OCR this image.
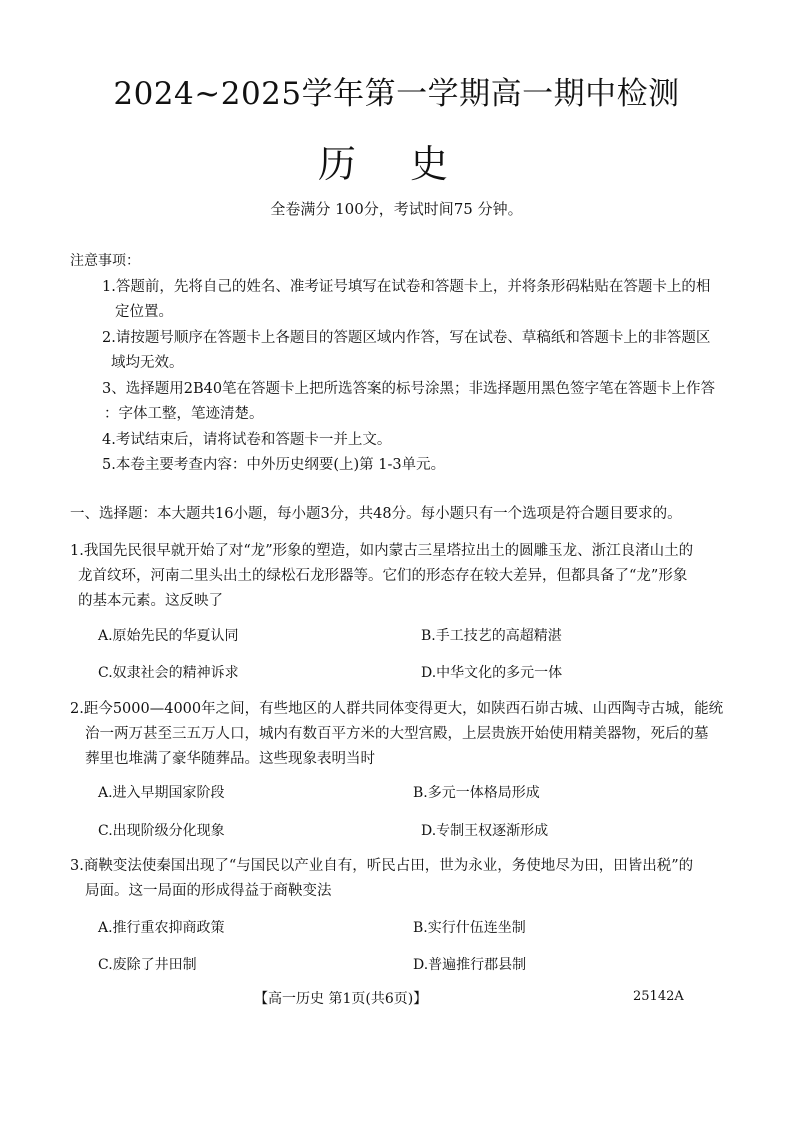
2024~2025学年第一学期高一期中检测
历史
全卷满分 100分，考试时间75 分钟。
注意事项：
1.答题前，先将自己的姓名、准考证号填写在试卷和答题卡上，并将条形码粘贴在答题卡上的相
定位置。
2.请按题号顺序在答题卡上各题目的答题区域内作答，写在试卷、草稿纸和答题卡上的非答题区
域均无效。
3、选择题用2B40笔在答题卡上把所选答案的标号涂黑；非选择题用黑色签字笔在答题卡上作答
：字体工整，笔迹清楚。
4.考试结束后，请将试卷和答题卡一并上文。
5.本卷主要考查内容：中外历史纲要(上)第 1-3单元。
一、选择题：本大题共16小题，每小题3分，共48分。每小题只有一个选项是符合题目要求的。
1.我国先民很早就开始了对“龙”形象的塑造，如内蒙古三星塔拉出土的圆雕玉龙、浙江良渚山土的
龙首纹环，河南二里头出土的绿松石龙形器等。它们的形态存在较大差异，但都具备了“龙”形象
的基本元素。这反映了
A.原始先民的华夏认同	B.手工技艺的高超精湛
C.奴隶社会的精神诉求	D.中华文化的多元一体
2.距今5000—4000年之间，有些地区的人群共同体变得更大，如陕西石峁古城、山西陶寺古城，能统
治一两万甚至三五万人口，城内有数百平方米的大型宫殿，上层贵族开始使用精美器物，死后的墓
葬里也堆满了豪华随葬品。这些现象表明当时
A.进入早期国家阶段	B.多元一体格局形成
C.出现阶级分化现象	D.专制王权逐渐形成
3.商鞅变法使秦国出现了“与国民以产业自有，听民占田，世为永业，务使地尽为田，田皆出税”的
局面。这一局面的形成得益于商鞅变法
A.推行重农抑商政策	B.实行什伍连坐制
C.废除了井田制	D.普遍推行郡县制
【高一历史 第1页(共6页)】	25142A
